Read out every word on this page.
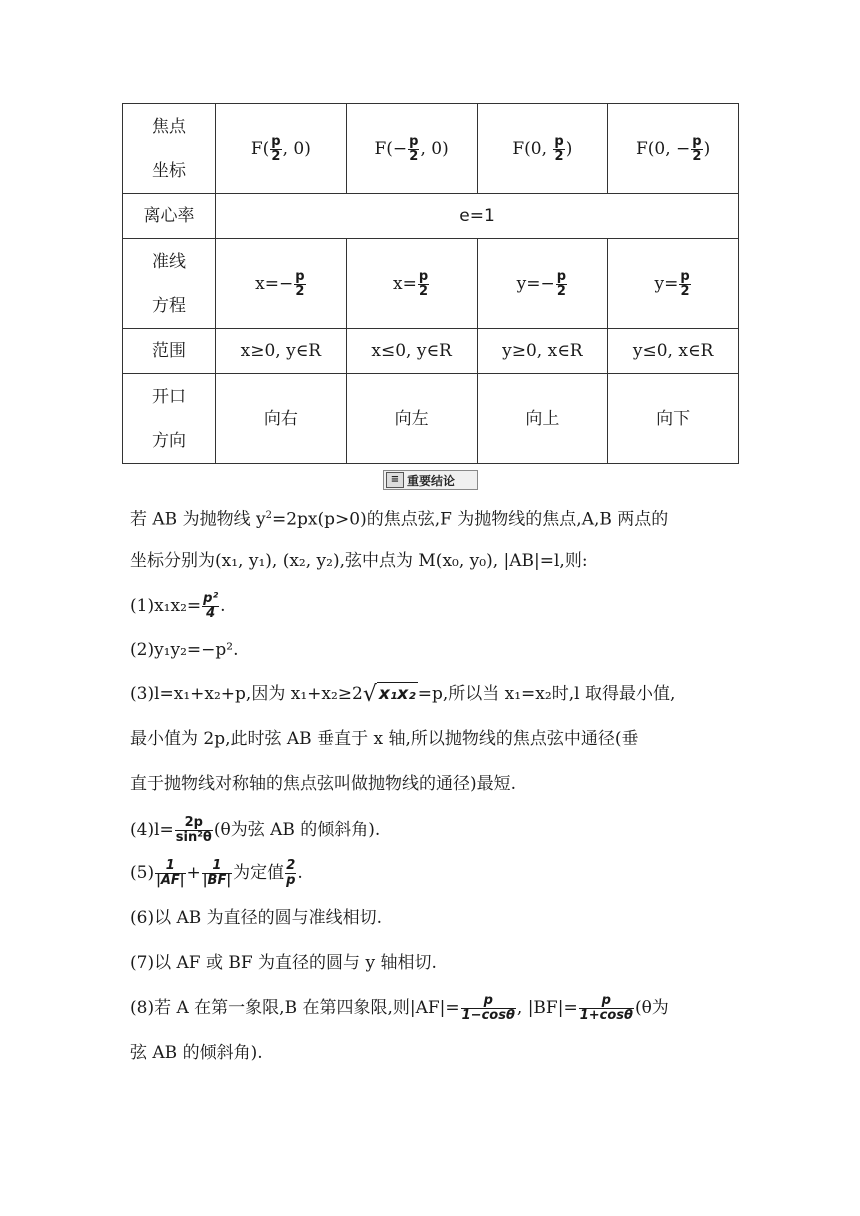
焦点
坐标	$F( \frac{p}{2}$ , 0)	$F(- \frac{p}{2}$ , 0)	F(0, $\frac{p}{2}$ )	F(0, − $\frac{p}{2}$ )
离心率	e=1			

准线
方程	$x=- \frac{p}{2}$	$x= \frac{p}{2}$	$y=- \frac{p}{2}$	$y= \frac{p}{2}$

范围	x≥0, y∈R	x≤0, y∈R	y≥0, x∈R	y≤0, x∈R

开口
方向	向右	向左	向上	向下
≡ 重要结论
若 AB 为抛物线 $y^2=2px(p>0)$的焦点弦,F 为抛物线的焦点,A,B 两点的
坐标分别为(x₁, y₁), (x₂, y₂),弦中点为 M(x₀, y₀), |AB|=l,则:
$(1)x_1x_2= \frac{\text{p²}}{4}$ .
(2)y₁y₂=−p².
(3)l=x₁+x₂+p,因为 x₁+x₂≥2√ x₁x₂ =p,所以当 x₁=x₂时,l 取得最小值,
最小值为 2p,此时弦 AB 垂直于 x 轴,所以抛物线的焦点弦中通径(垂
直于抛物线对称轴的焦点弦叫做抛物线的通径)最短.
$(4)l= \frac{2p}{\text{sin²θ}} (\theta$为弦 AB 的倾斜角).
$(5) \frac{1}{|AF|} + \frac{1}{|BF|}$ 为定值 $\frac{2}{p}$ .
(6)以 AB 为直径的圆与准线相切.
(7)以 AF 或 BF 为直径的圆与 y 轴相切.
(8)若 A 在第一象限,B 在第四象限,则$|AF|= \frac{p}{1-\cos\theta}$ , $|BF|= \frac{p}{1+\cos\theta} (\theta$为
弦 AB 的倾斜角).
